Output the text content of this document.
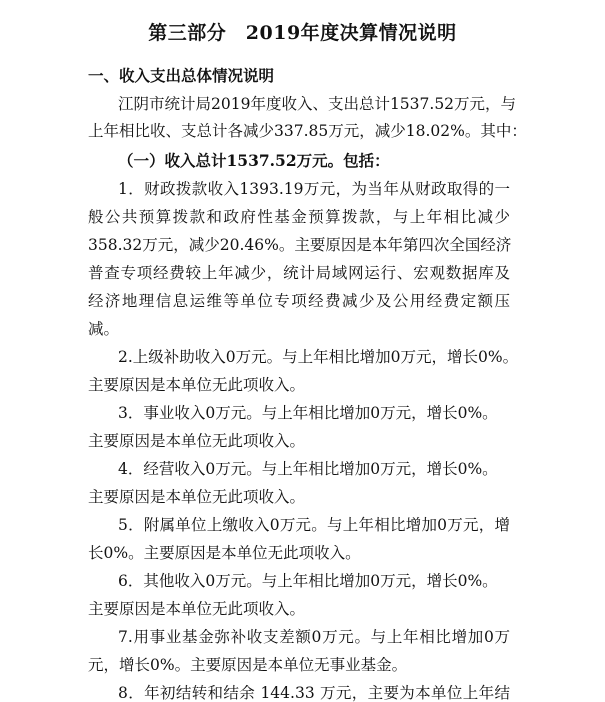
第三部分　2019年度决算情况说明
一、收入支出总体情况说明
江阴市统计局2019年度收入、支出总计1537.52万元，与
上年相比收、支总计各减少337.85万元，减少18.02%。其中：
（一）收入总计1537.52万元。包括：
1．财政拨款收入1393.19万元，为当年从财政取得的一
般公共预算拨款和政府性基金预算拨款，与上年相比减少
358.32万元，减少20.46%。主要原因是本年第四次全国经济
普查专项经费较上年减少，统计局域网运行、宏观数据库及
经济地理信息运维等单位专项经费减少及公用经费定额压
减。
2.上级补助收入0万元。与上年相比增加0万元，增长0%。
主要原因是本单位无此项收入。
3．事业收入0万元。与上年相比增加0万元，增长0%。
主要原因是本单位无此项收入。
4．经营收入0万元。与上年相比增加0万元，增长0%。
主要原因是本单位无此项收入。
5．附属单位上缴收入0万元。与上年相比增加0万元，增
长0%。主要原因是本单位无此项收入。
6．其他收入0万元。与上年相比增加0万元，增长0%。
主要原因是本单位无此项收入。
7.用事业基金弥补收支差额0万元。与上年相比增加0万
元，增长0%。主要原因是本单位无事业基金。
8．年初结转和结余 144.33 万元，主要为本单位上年结
